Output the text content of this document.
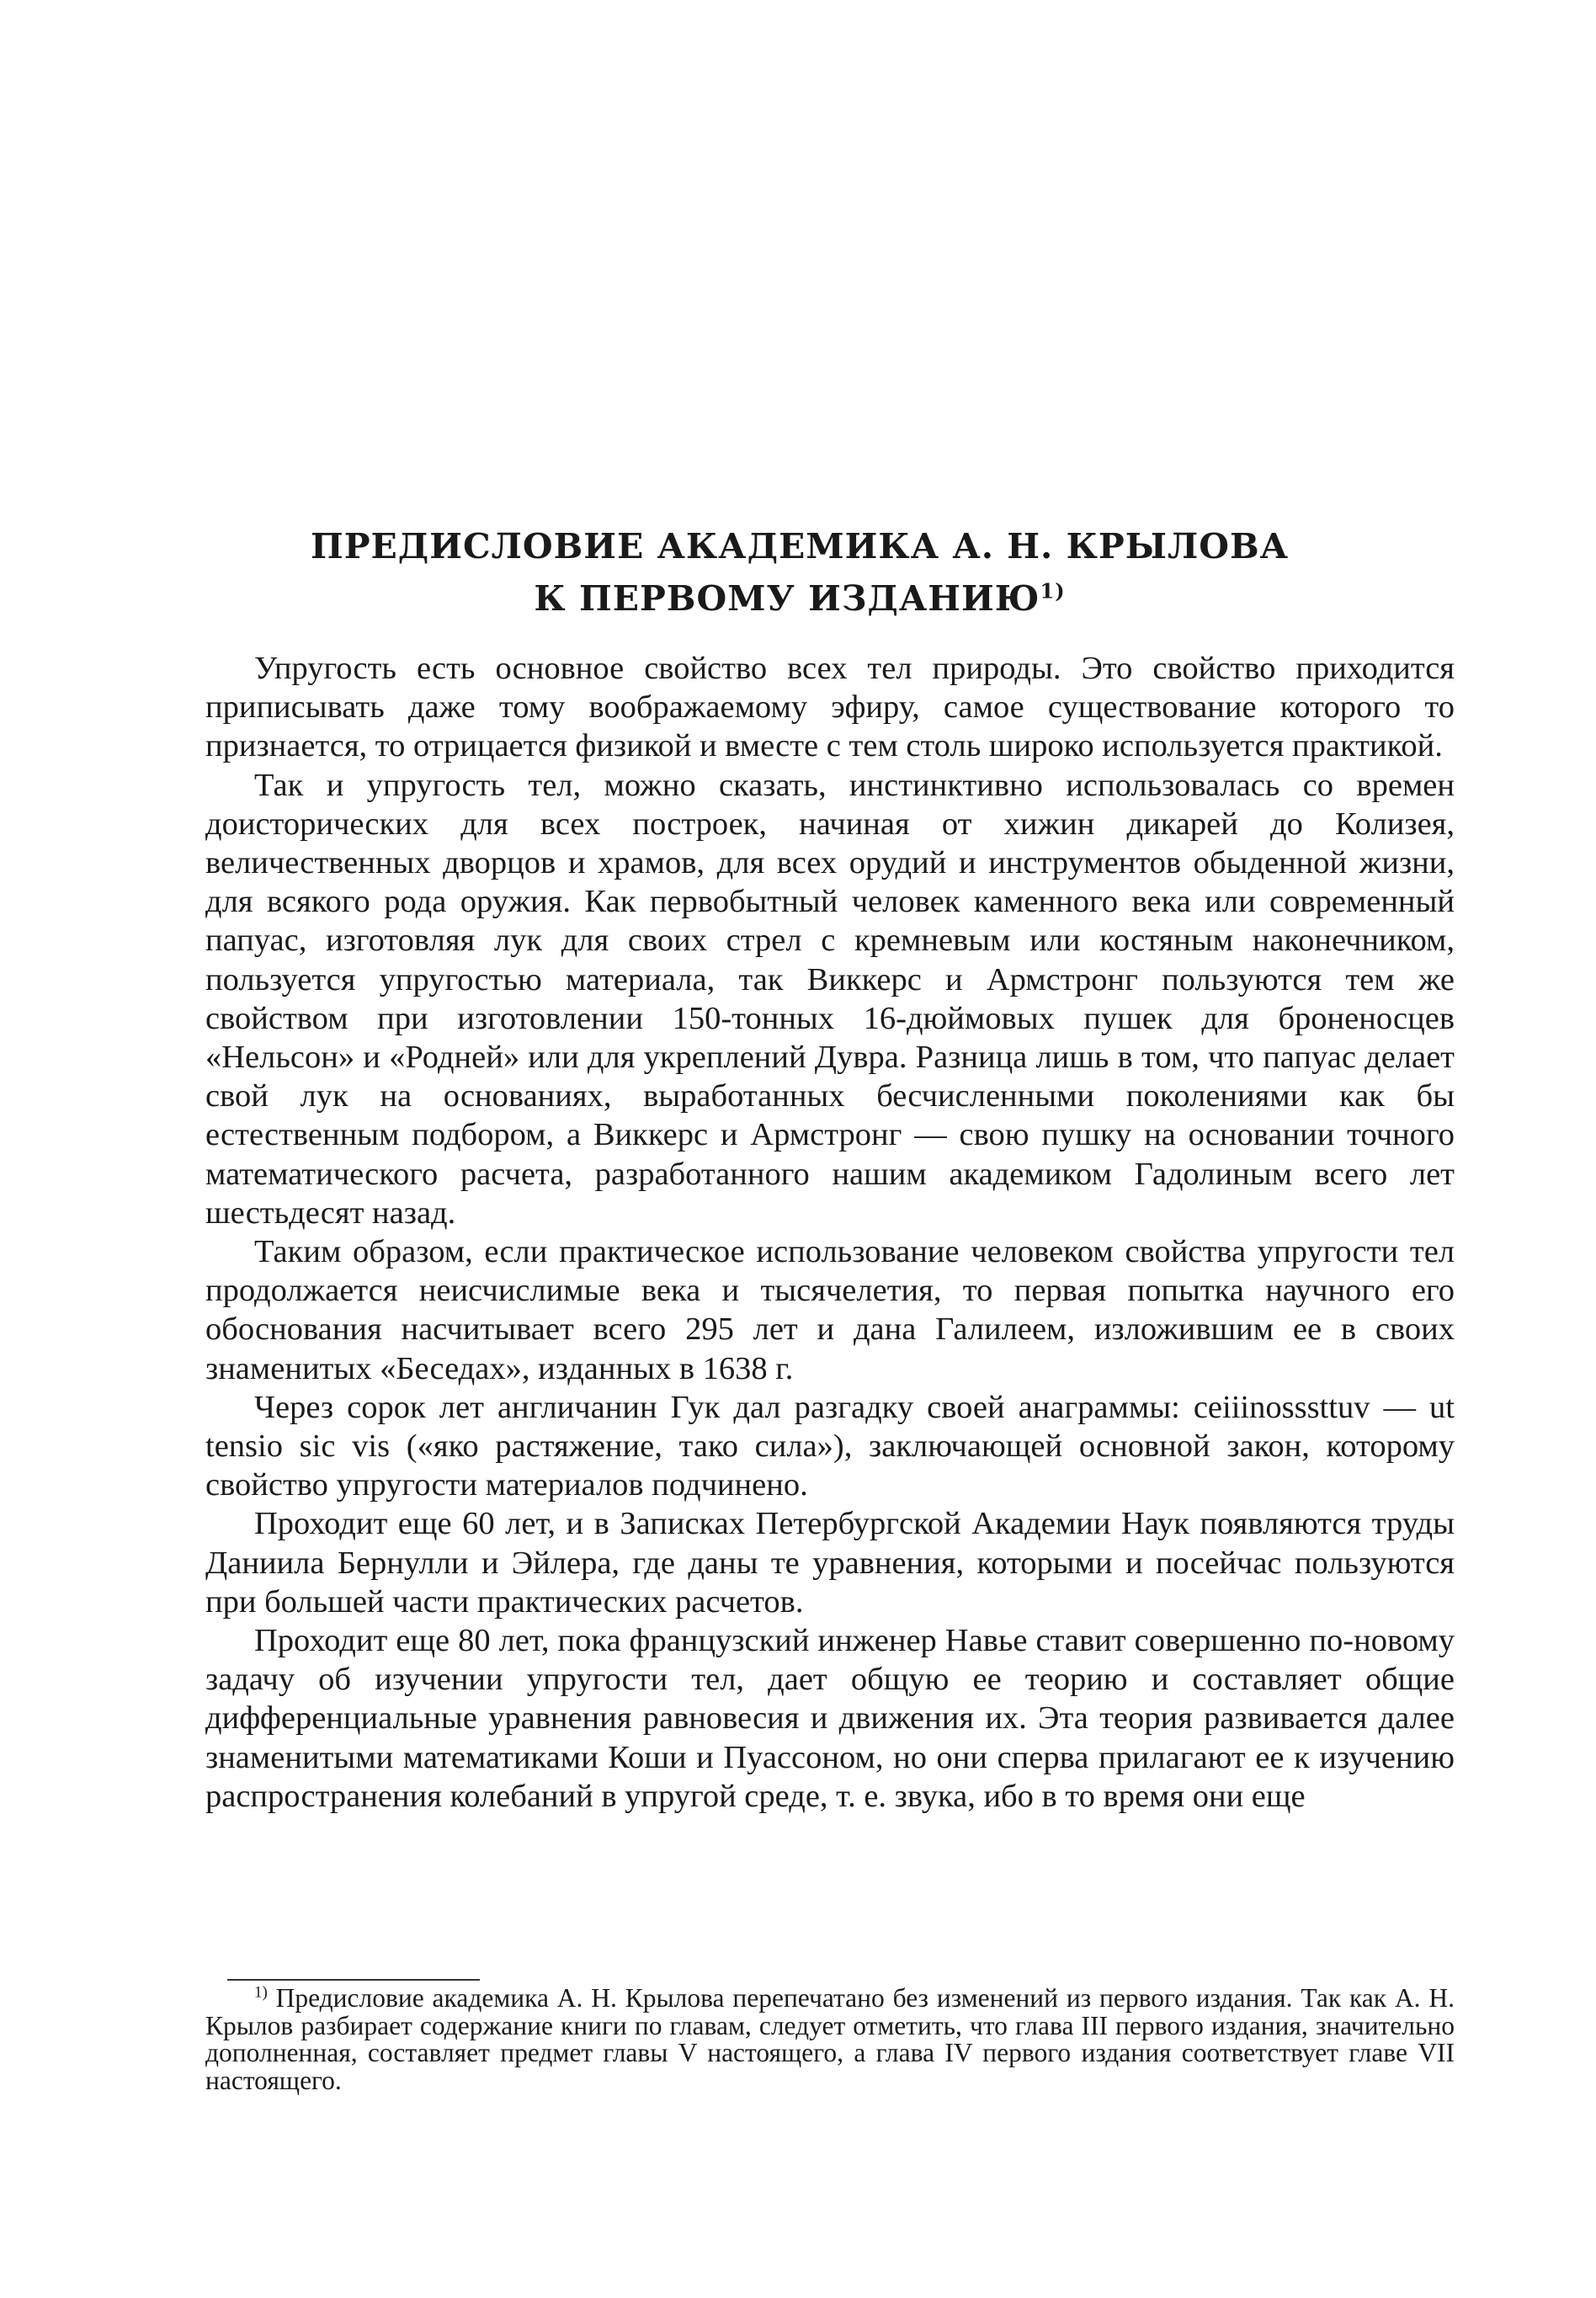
ПРЕДИСЛОВИЕ АКАДЕМИКА А. Н. КРЫЛОВА
К ПЕРВОМУ ИЗДАНИЮ$^{1)}$

Упругость есть основное свойство всех тел природы. Это свойство приходится приписывать даже тому воображаемому эфиру, самое существование которого то признается, то отрицается физикой и вместе с тем столь широко используется практикой.

Так и упругость тел, можно сказать, инстинктивно использовалась со времен доисторических для всех построек, начиная от хижин дикарей до Колизея, величественных дворцов и храмов, для всех орудий и инструментов обыденной жизни, для всякого рода оружия. Как первобытный человек каменного века или современный папуас, изготовляя лук для своих стрел с кремневым или костяным наконечником, пользуется упругостью материала, так Виккерс и Армстронг пользуются тем же свойством при изготовлении 150-тонных 16-дюймовых пушек для броненосцев «Нельсон» и «Родней» или для укреплений Дувра. Разница лишь в том, что папуас делает свой лук на основаниях, выработанных бесчисленными поколениями как бы естественным подбором, а Виккерс и Армстронг — свою пушку на основании точного математического расчета, разработанного нашим академиком Гадолиным всего лет шестьдесят назад.

Таким образом, если практическое использование человеком свойства упругости тел продолжается неисчислимые века и тысячелетия, то первая попытка научного его обоснования насчитывает всего 295 лет и дана Галилеем, изложившим ее в своих знаменитых «Беседах», изданных в 1638 г.

Через сорок лет англичанин Гук дал разгадку своей анаграммы: ceiiinosssttuv — ut tensio sic vis («яко растяжение, тако сила»), заключающей основной закон, которому свойство упругости материалов подчинено.

Проходит еще 60 лет, и в Записках Петербургской Академии Наук появляются труды Даниила Бернулли и Эйлера, где даны те уравнения, которыми и посейчас пользуются при большей части практических расчетов.

Проходит еще 80 лет, пока французский инженер Навье ставит совершенно по-новому задачу об изучении упругости тел, дает общую ее теорию и составляет общие дифференциальные уравнения равновесия и движения их. Эта теория развивается далее знаменитыми математиками Коши и Пуассоном, но они сперва прилагают ее к изучению распространения колебаний в упругой среде, т. е. звука, ибо в то время они еще

$^{1)}$ Предисловие академика А. Н. Крылова перепечатано без изменений из первого издания. Так как А. Н. Крылов разбирает содержание книги по главам, следует отметить, что глава III первого издания, значительно дополненная, составляет предмет главы V настоящего, а глава IV первого издания соответствует главе VII настоящего.
